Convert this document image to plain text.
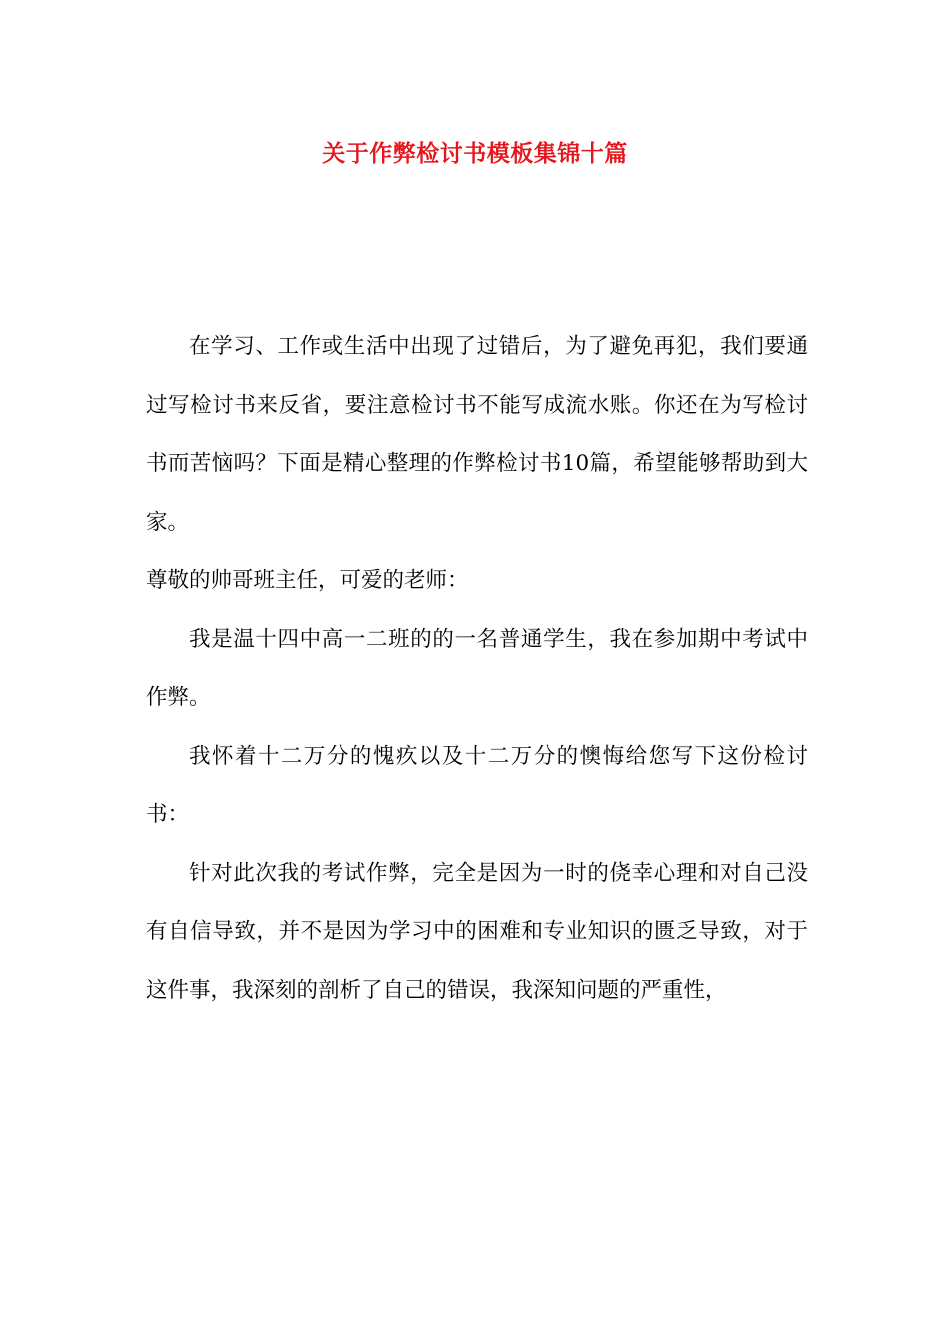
关于作弊检讨书模板集锦十篇

在学习、工作或生活中出现了过错后，为了避免再犯，我们要通过写检讨书来反省，要注意检讨书不能写成流水账。你还在为写检讨书而苦恼吗？下面是精心整理的作弊检讨书10篇，希望能够帮助到大家。

尊敬的帅哥班主任，可爱的老师：

我是温十四中高一二班的的一名普通学生，我在参加期中考试中作弊。

我怀着十二万分的愧疚以及十二万分的懊悔给您写下这份检讨书：

针对此次我的考试作弊，完全是因为一时的侥幸心理和对自己没有自信导致，并不是因为学习中的困难和专业知识的匮乏导致，对于这件事，我深刻的剖析了自己的错误，我深知问题的严重性，
